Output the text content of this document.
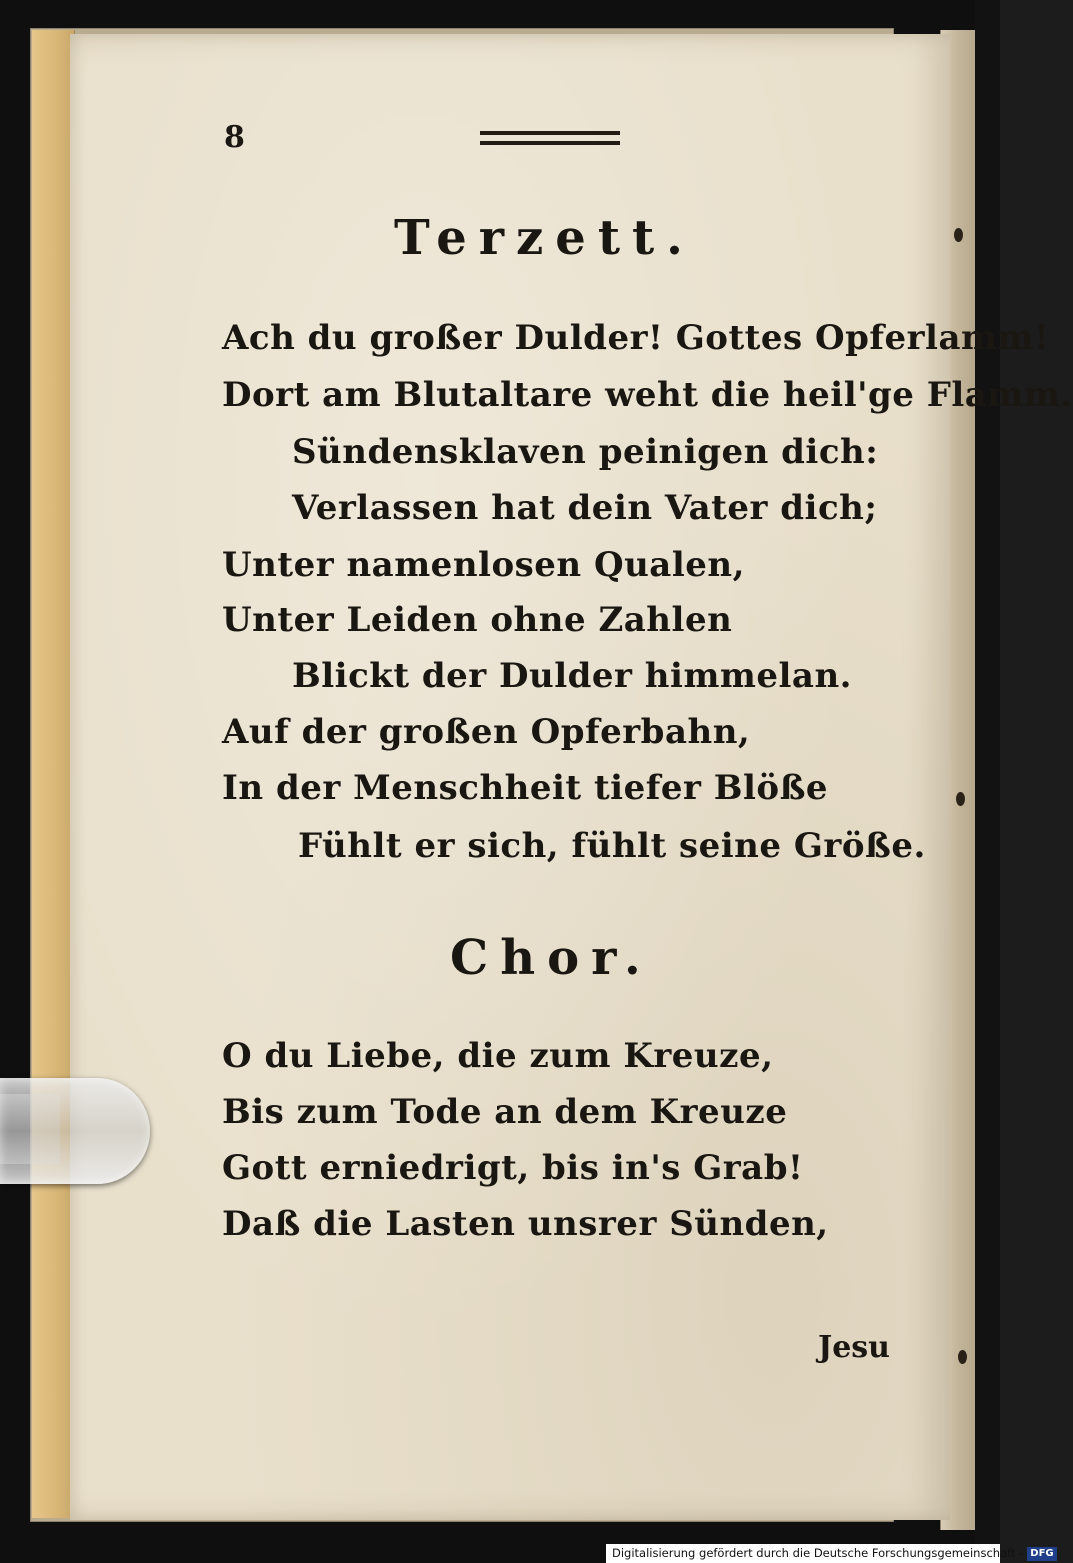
8
Terzett.
Ach du großer Dulder! Gottes Opferlamm!
Dort am Blutaltare weht die heil'ge Flamm.
Sündensklaven peinigen dich:
Verlassen hat dein Vater dich;
Unter namenlosen Qualen,
Unter Leiden ohne Zahlen
Blickt der Dulder himmelan.
Auf der großen Opferbahn,
In der Menschheit tiefer Blöße
Fühlt er sich, fühlt seine Größe.
Chor.
O du Liebe, die zum Kreuze,
Bis zum Tode an dem Kreuze
Gott erniedrigt, bis in's Grab!
Daß die Lasten unsrer Sünden,
Jesu
Digitalisierung gefördert durch die Deutsche Forschungsgemeinschaft - DFG
